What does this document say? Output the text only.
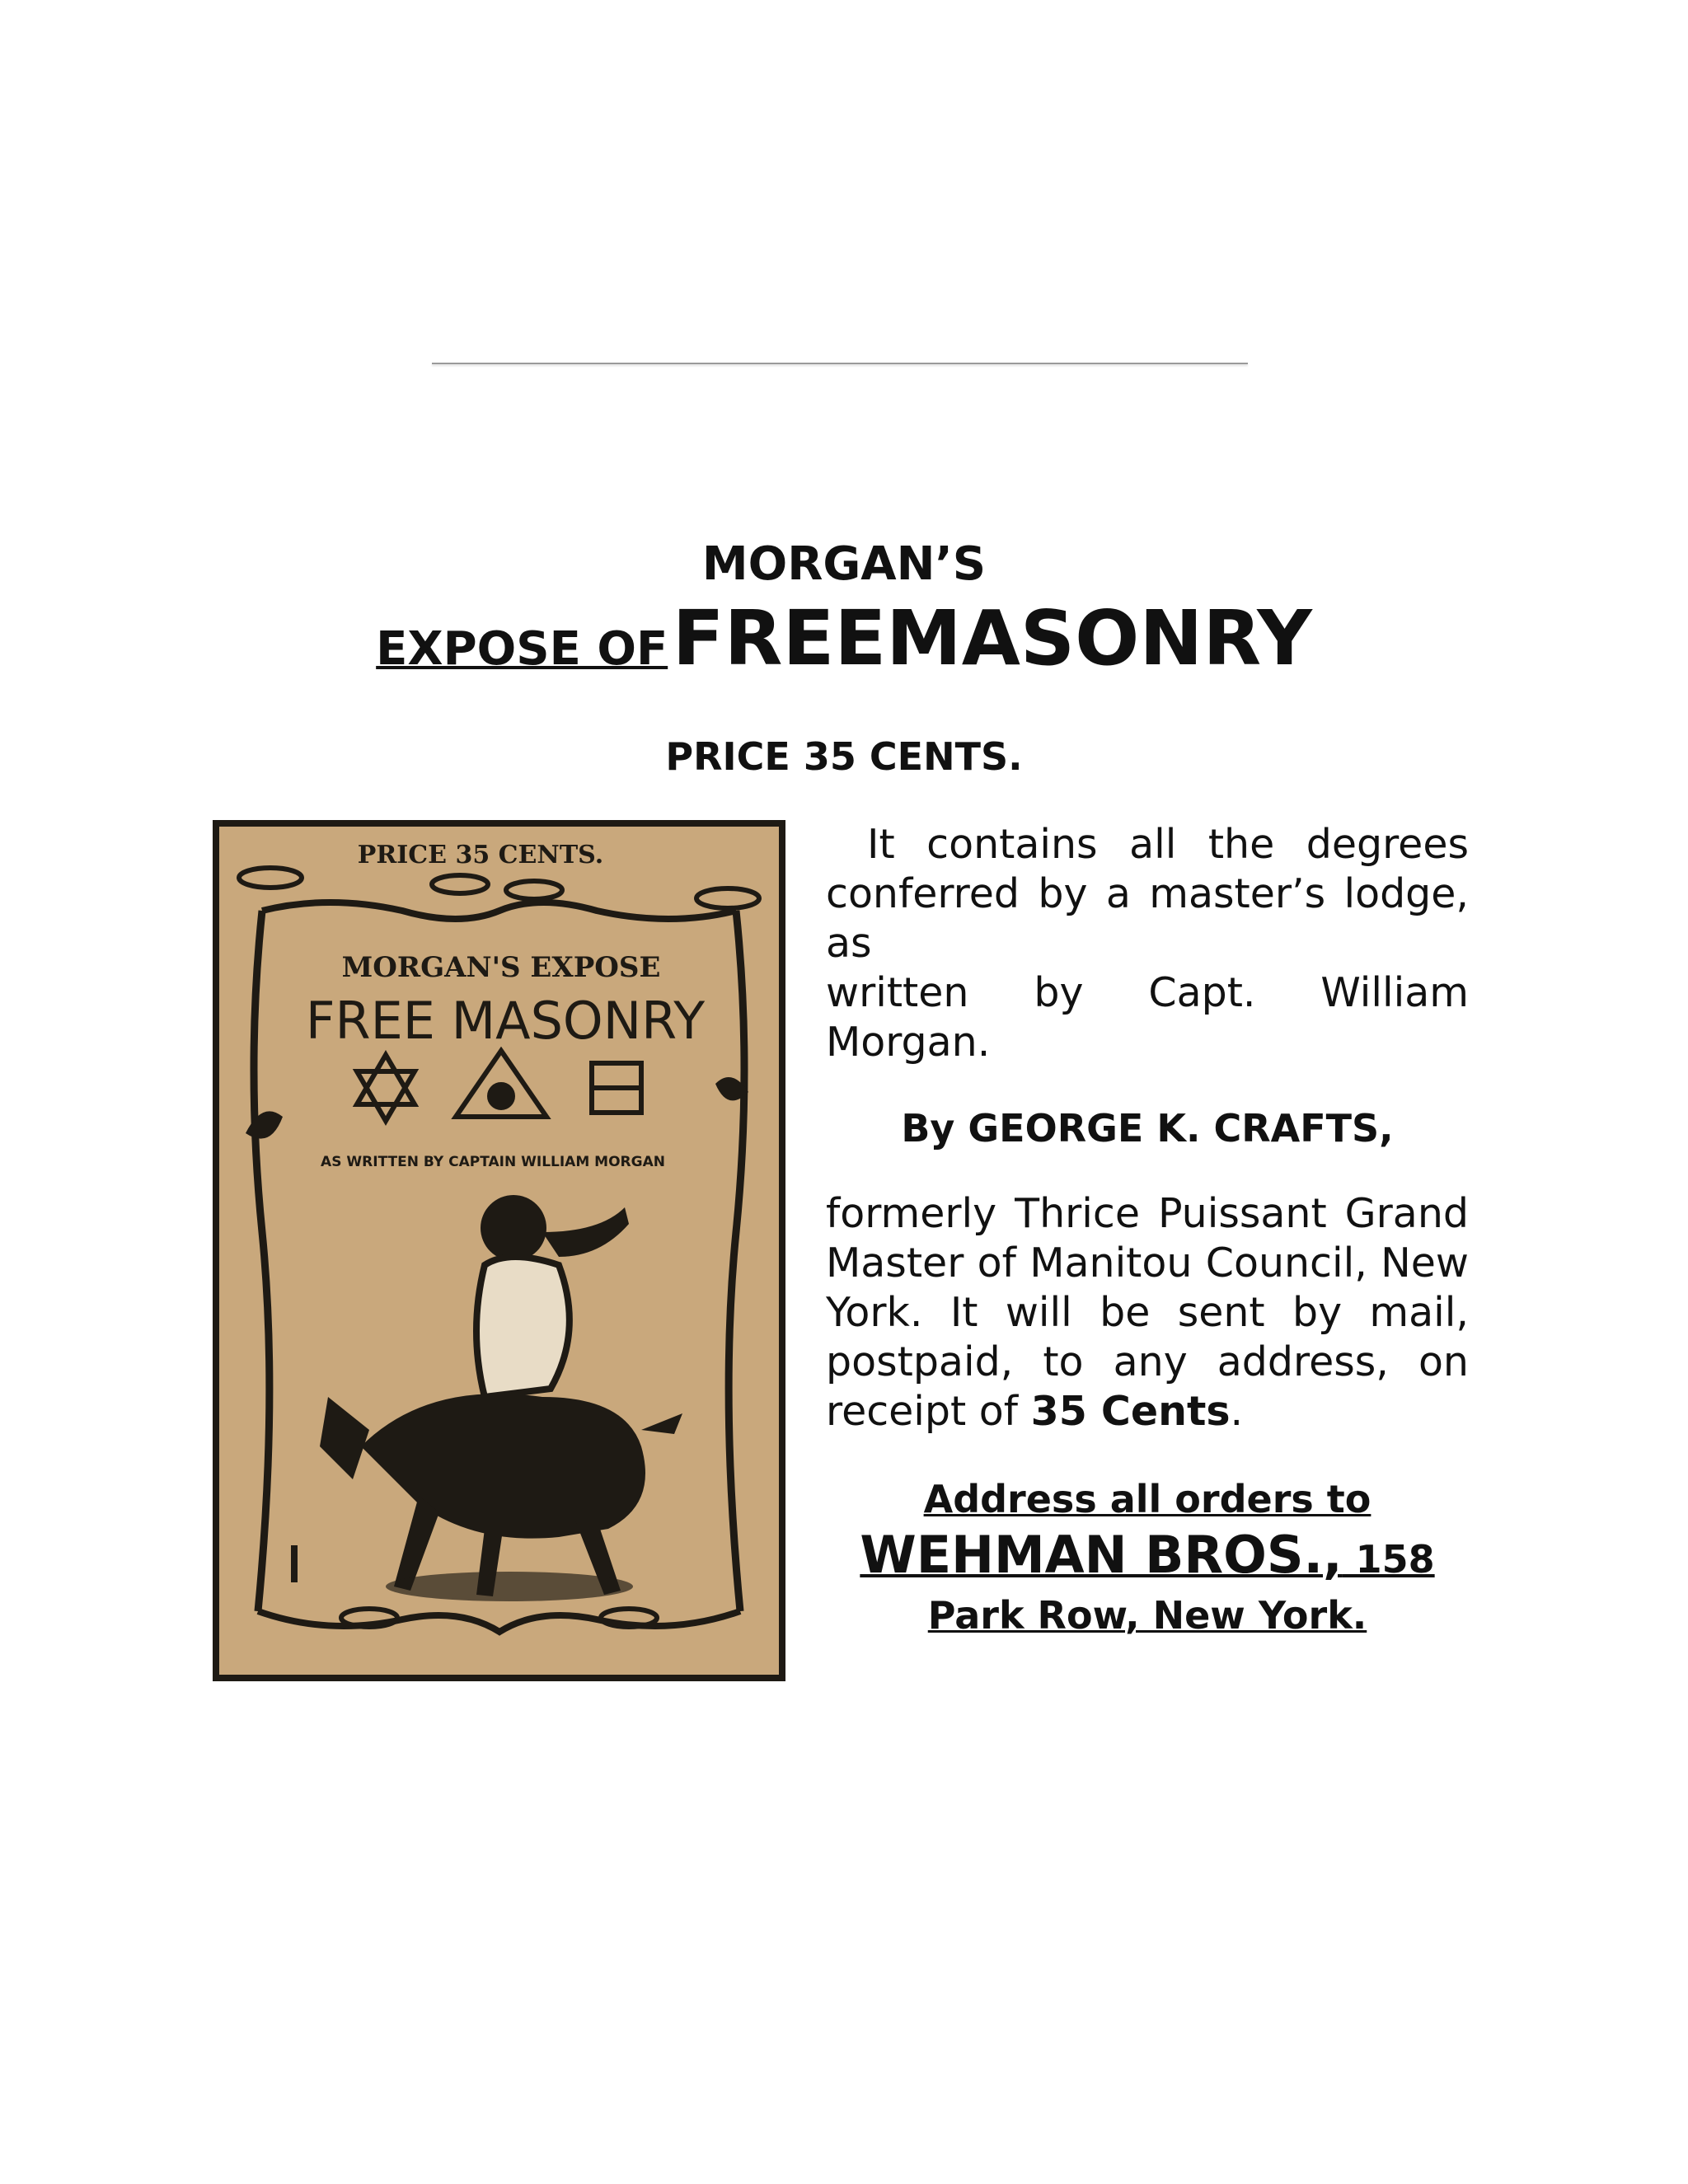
MORGAN’S
EXPOSE OF FREEMASONRY
PRICE 35 CENTS.
PRICE 35 CENTS.
MORGAN'S EXPOSE
FREE MASONRY
AS WRITTEN BY CAPTAIN WILLIAM MORGAN

It contains all the degrees

conferred by a master’s lodge, as

written by Capt. William Morgan.

By GEORGE K. CRAFTS,

formerly Thrice Puissant Grand

Master of Manitou Council, New

York. It will be sent by mail,

postpaid, to any address, on

receipt of 35 Cents.

Address all orders to
WEHMAN BROS., 158
Park Row, New York.
